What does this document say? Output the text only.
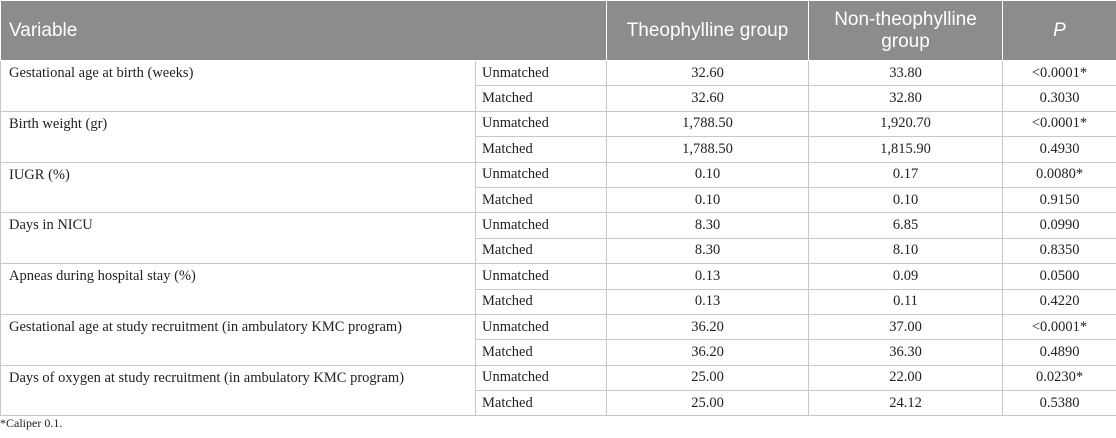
Variable		Theophylline group	Non-theophylline group	P
Gestational age at birth (weeks)	Unmatched	32.60	33.80	<0.0001*
	Matched	32.60	32.80	0.3030
Birth weight (gr)	Unmatched	1,788.50	1,920.70	<0.0001*
	Matched	1,788.50	1,815.90	0.4930
IUGR (%)	Unmatched	0.10	0.17	0.0080*
	Matched	0.10	0.10	0.9150
Days in NICU	Unmatched	8.30	6.85	0.0990
	Matched	8.30	8.10	0.8350
Apneas during hospital stay (%)	Unmatched	0.13	0.09	0.0500
	Matched	0.13	0.11	0.4220
Gestational age at study recruitment (in ambulatory KMC program)	Unmatched	36.20	37.00	<0.0001*
	Matched	36.20	36.30	0.4890
Days of oxygen at study recruitment (in ambulatory KMC program)	Unmatched	25.00	22.00	0.0230*
	Matched	25.00	24.12	0.5380
*Caliper 0.1.
